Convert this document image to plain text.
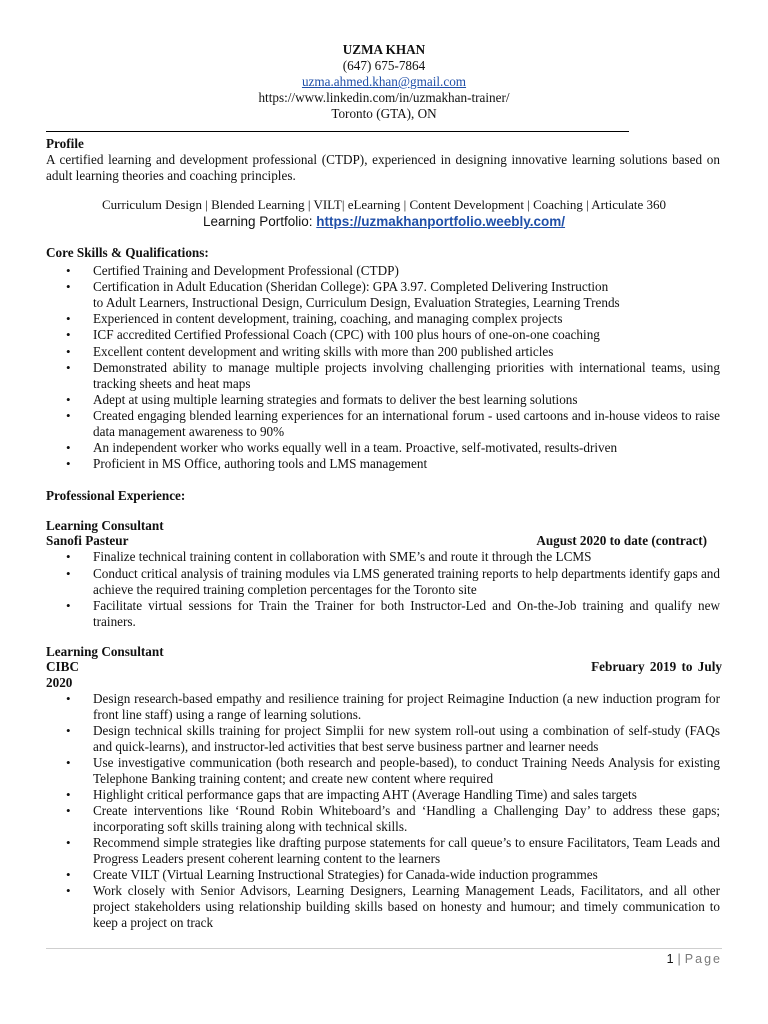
UZMA KHAN
(647) 675-7864
uzma.ahmed.khan@gmail.com
https://www.linkedin.com/in/uzmakhan-trainer/
Toronto (GTA), ON
Profile
A certified learning and development professional (CTDP), experienced in designing innovative learning solutions based on adult learning theories and coaching principles.
Curriculum Design | Blended Learning | VILT| eLearning | Content Development | Coaching | Articulate 360
Learning Portfolio: https://uzmakhanportfolio.weebly.com/
Core Skills & Qualifications:
•
Certified Training and Development Professional (CTDP)
•
Certification in Adult Education (Sheridan College): GPA 3.97. Completed Delivering Instruction
to Adult Learners, Instructional Design, Curriculum Design, Evaluation Strategies, Learning Trends
•
Experienced in content development, training, coaching, and managing complex projects
•
ICF accredited Certified Professional Coach (CPC) with 100 plus hours of one-on-one coaching
•
Excellent content development and writing skills with more than 200 published articles
•
Demonstrated ability to manage multiple projects involving challenging priorities with international teams, using tracking sheets and heat maps
•
Adept at using multiple learning strategies and formats to deliver the best learning solutions
•
Created engaging blended learning experiences for an international forum - used cartoons and in-house videos to raise data management awareness to 90%
•
An independent worker who works equally well in a team. Proactive, self-motivated, results-driven
•
Proficient in MS Office, authoring tools and LMS management
Professional Experience:
Learning Consultant
Sanofi Pasteur	August 2020 to date (contract)
•
Finalize technical training content in collaboration with SME’s and route it through the LCMS
•
Conduct critical analysis of training modules via LMS generated training reports to help departments identify gaps and achieve the required training completion percentages for the Toronto site
•
Facilitate virtual sessions for Train the Trainer for both Instructor-Led and On-the-Job training and qualify new trainers.
Learning Consultant
CIBC	February 2019 to July
2020
•
Design research-based empathy and resilience training for project Reimagine Induction (a new induction program for front line staff) using a range of learning solutions.
•
Design technical skills training for project Simplii for new system roll-out using a combination of self-study (FAQs and quick-learns), and instructor-led activities that best serve business partner and learner needs
•
Use investigative communication (both research and people-based), to conduct Training Needs Analysis for existing Telephone Banking training content; and create new content where required
•
Highlight critical performance gaps that are impacting AHT (Average Handling Time) and sales targets
•
Create interventions like ‘Round Robin Whiteboard’s and ‘Handling a Challenging Day’ to address these gaps; incorporating soft skills training along with technical skills.
•
Recommend simple strategies like drafting purpose statements for call queue’s to ensure Facilitators, Team Leads and Progress Leaders present coherent learning content to the learners
•
Create VILT (Virtual Learning Instructional Strategies) for Canada-wide induction programmes
•
Work closely with Senior Advisors, Learning Designers, Learning Management Leads, Facilitators, and all other project stakeholders using relationship building skills based on honesty and humour; and timely communication to keep a project on track
1 | Page
